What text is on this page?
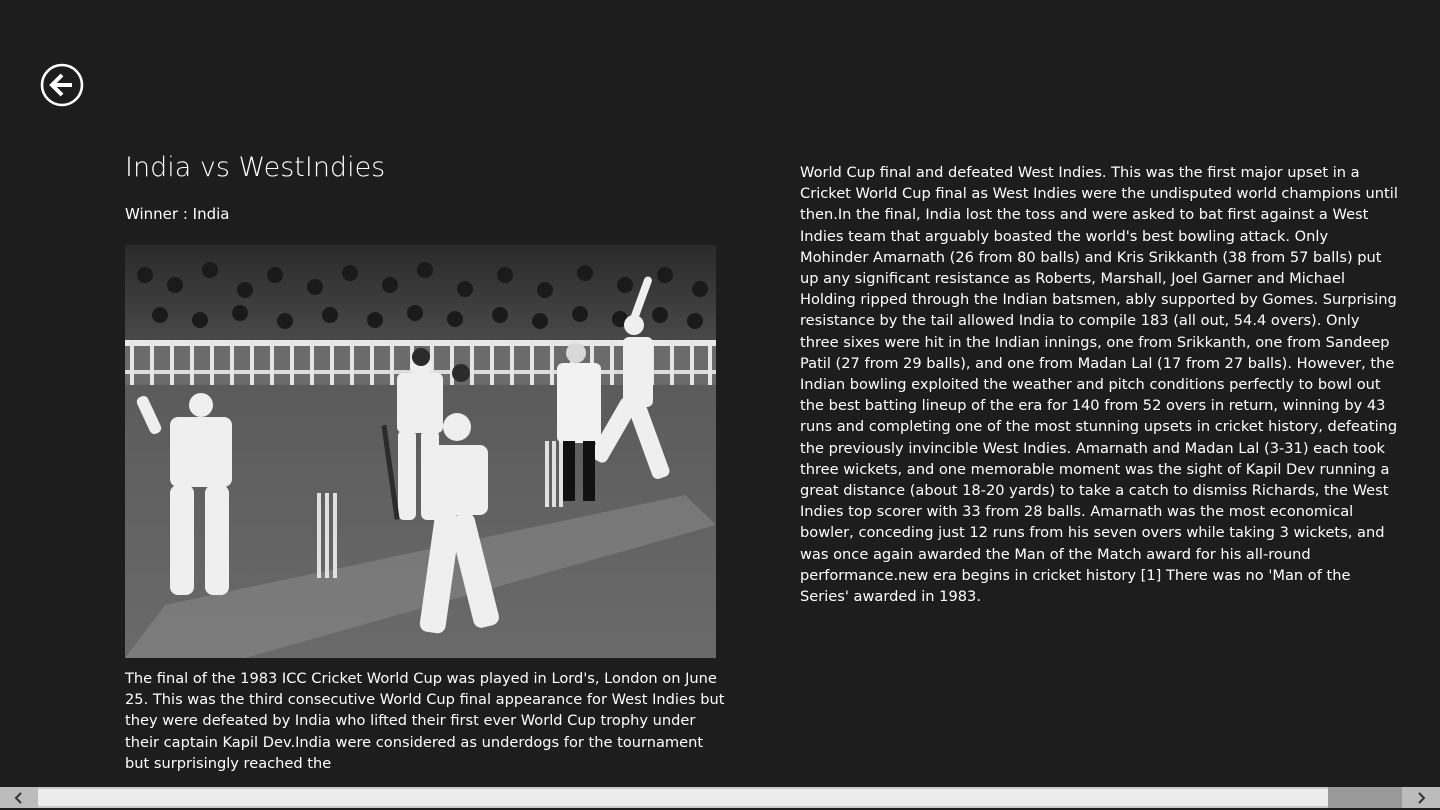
India vs WestIndies
Winner : India
The final of the 1983 ICC Cricket World Cup was played in Lord's, London on June 25. This was the third consecutive World Cup final appearance for West Indies but they were defeated by India who lifted their first ever World Cup trophy under their captain Kapil Dev.India were considered as underdogs for the tournament but surprisingly reached the
World Cup final and defeated West Indies. This was the first major upset in a Cricket World Cup final as West Indies were the undisputed world champions until then.In the final, India lost the toss and were asked to bat first against a West Indies team that arguably boasted the world's best bowling attack. Only Mohinder Amarnath (26 from 80 balls) and Kris Srikkanth (38 from 57 balls) put up any significant resistance as Roberts, Marshall, Joel Garner and Michael Holding ripped through the Indian batsmen, ably supported by Gomes. Surprising resistance by the tail allowed India to compile 183 (all out, 54.4 overs). Only three sixes were hit in the Indian innings, one from Srikkanth, one from Sandeep Patil (27 from 29 balls), and one from Madan Lal (17 from 27 balls). However, the Indian bowling exploited the weather and pitch conditions perfectly to bowl out the best batting lineup of the era for 140 from 52 overs in return, winning by 43 runs and completing one of the most stunning upsets in cricket history, defeating the previously invincible West Indies. Amarnath and Madan Lal (3-31) each took three wickets, and one memorable moment was the sight of Kapil Dev running a great distance (about 18-20 yards) to take a catch to dismiss Richards, the West Indies top scorer with 33 from 28 balls. Amarnath was the most economical bowler, conceding just 12 runs from his seven overs while taking 3 wickets, and was once again awarded the Man of the Match award for his all-round performance.new era begins in cricket history [1] There was no 'Man of the Series' awarded in 1983.
